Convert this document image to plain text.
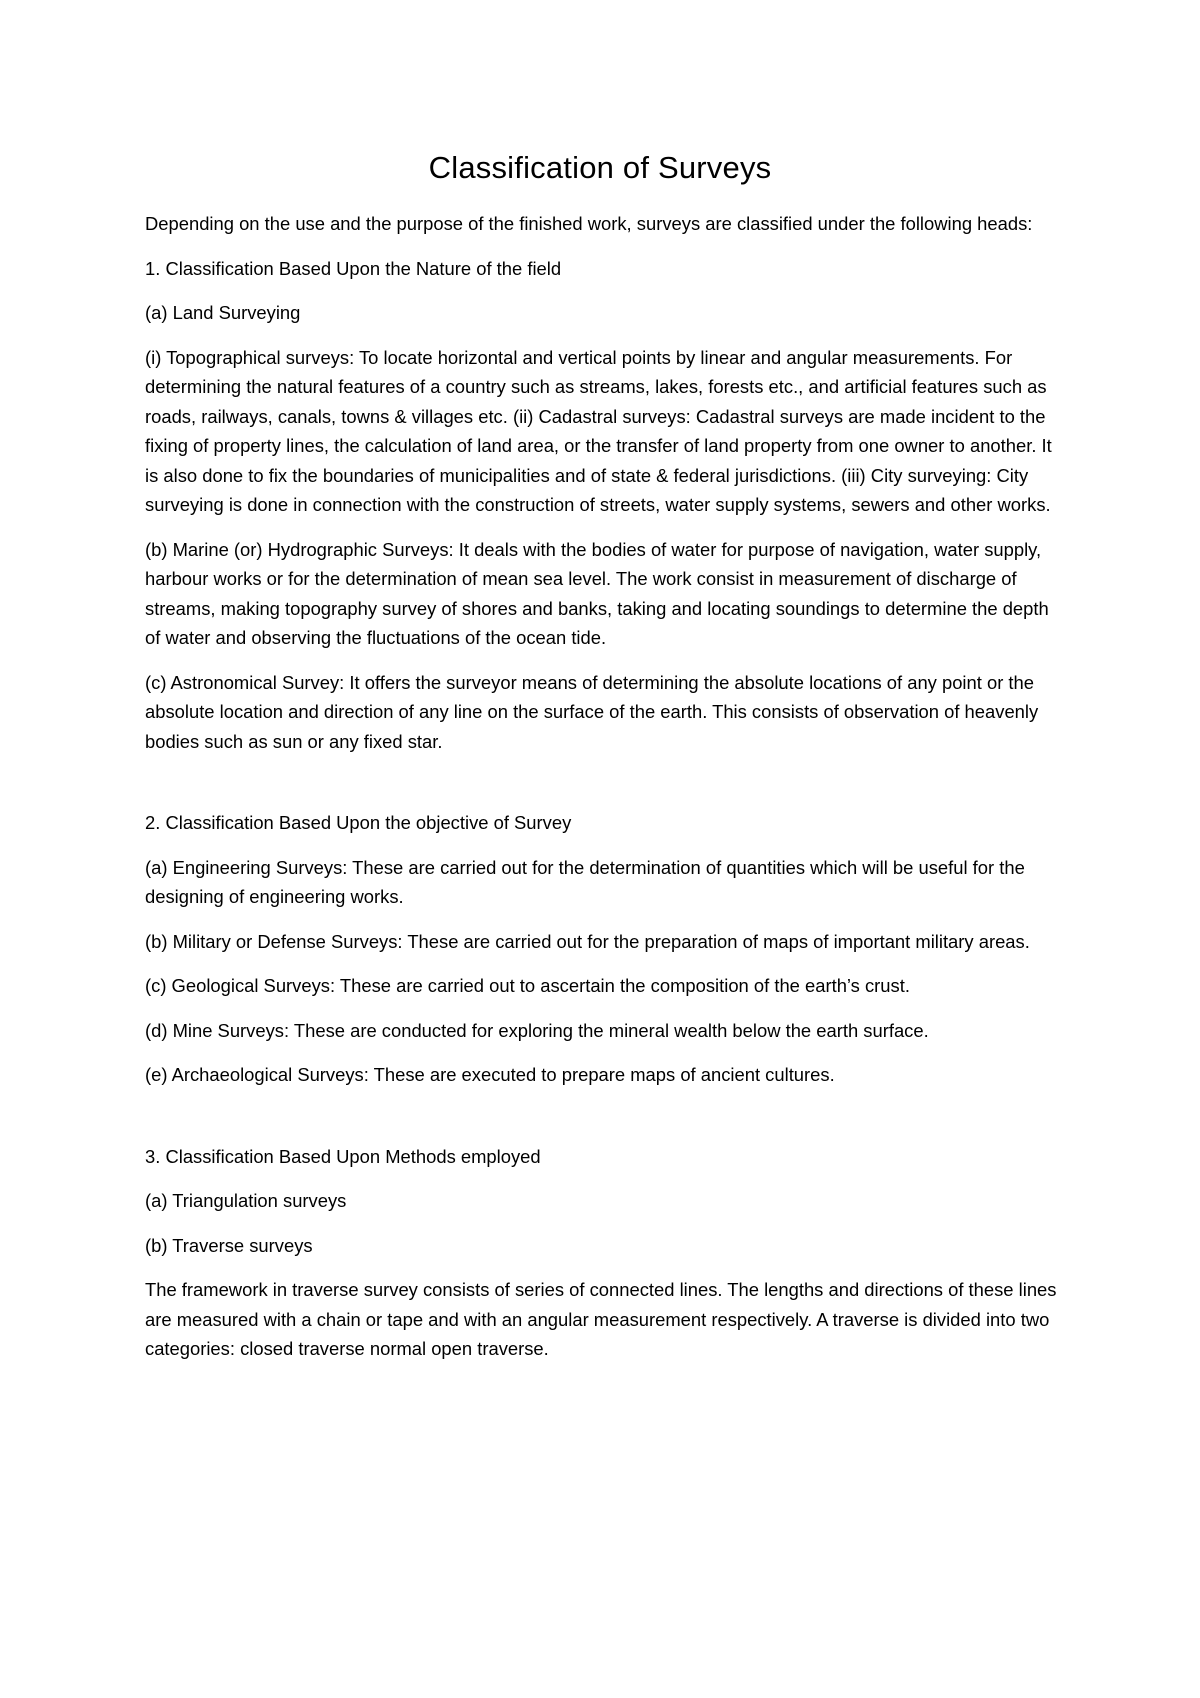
Classification of Surveys

Depending on the use and the purpose of the finished work, surveys are classified under the following heads:

1. Classification Based Upon the Nature of the field

(a) Land Surveying

(i) Topographical surveys: To locate horizontal and vertical points by linear and angular measurements. For determining the natural features of a country such as streams, lakes, forests etc., and artificial features such as roads, railways, canals, towns & villages etc. (ii) Cadastral surveys: Cadastral surveys are made incident to the fixing of property lines, the calculation of land area, or the transfer of land property from one owner to another. It is also done to fix the boundaries of municipalities and of state & federal jurisdictions. (iii) City surveying: City surveying is done in connection with the construction of streets, water supply systems, sewers and other works.

(b) Marine (or) Hydrographic Surveys: It deals with the bodies of water for purpose of navigation, water supply, harbour works or for the determination of mean sea level. The work consist in measurement of discharge of streams, making topography survey of shores and banks, taking and locating soundings to determine the depth of water and observing the fluctuations of the ocean tide.

(c) Astronomical Survey: It offers the surveyor means of determining the absolute locations of any point or the absolute location and direction of any line on the surface of the earth. This consists of observation of heavenly bodies such as sun or any fixed star.

2. Classification Based Upon the objective of Survey

(a) Engineering Surveys: These are carried out for the determination of quantities which will be useful for the designing of engineering works.

(b) Military or Defense Surveys: These are carried out for the preparation of maps of important military areas.

(c) Geological Surveys: These are carried out to ascertain the composition of the earth’s crust.

(d) Mine Surveys: These are conducted for exploring the mineral wealth below the earth surface.

(e) Archaeological Surveys: These are executed to prepare maps of ancient cultures.

3. Classification Based Upon Methods employed

(a) Triangulation surveys

(b) Traverse surveys

The framework in traverse survey consists of series of connected lines. The lengths and directions of these lines are measured with a chain or tape and with an angular measurement respectively. A traverse is divided into two categories: closed traverse normal open traverse.
